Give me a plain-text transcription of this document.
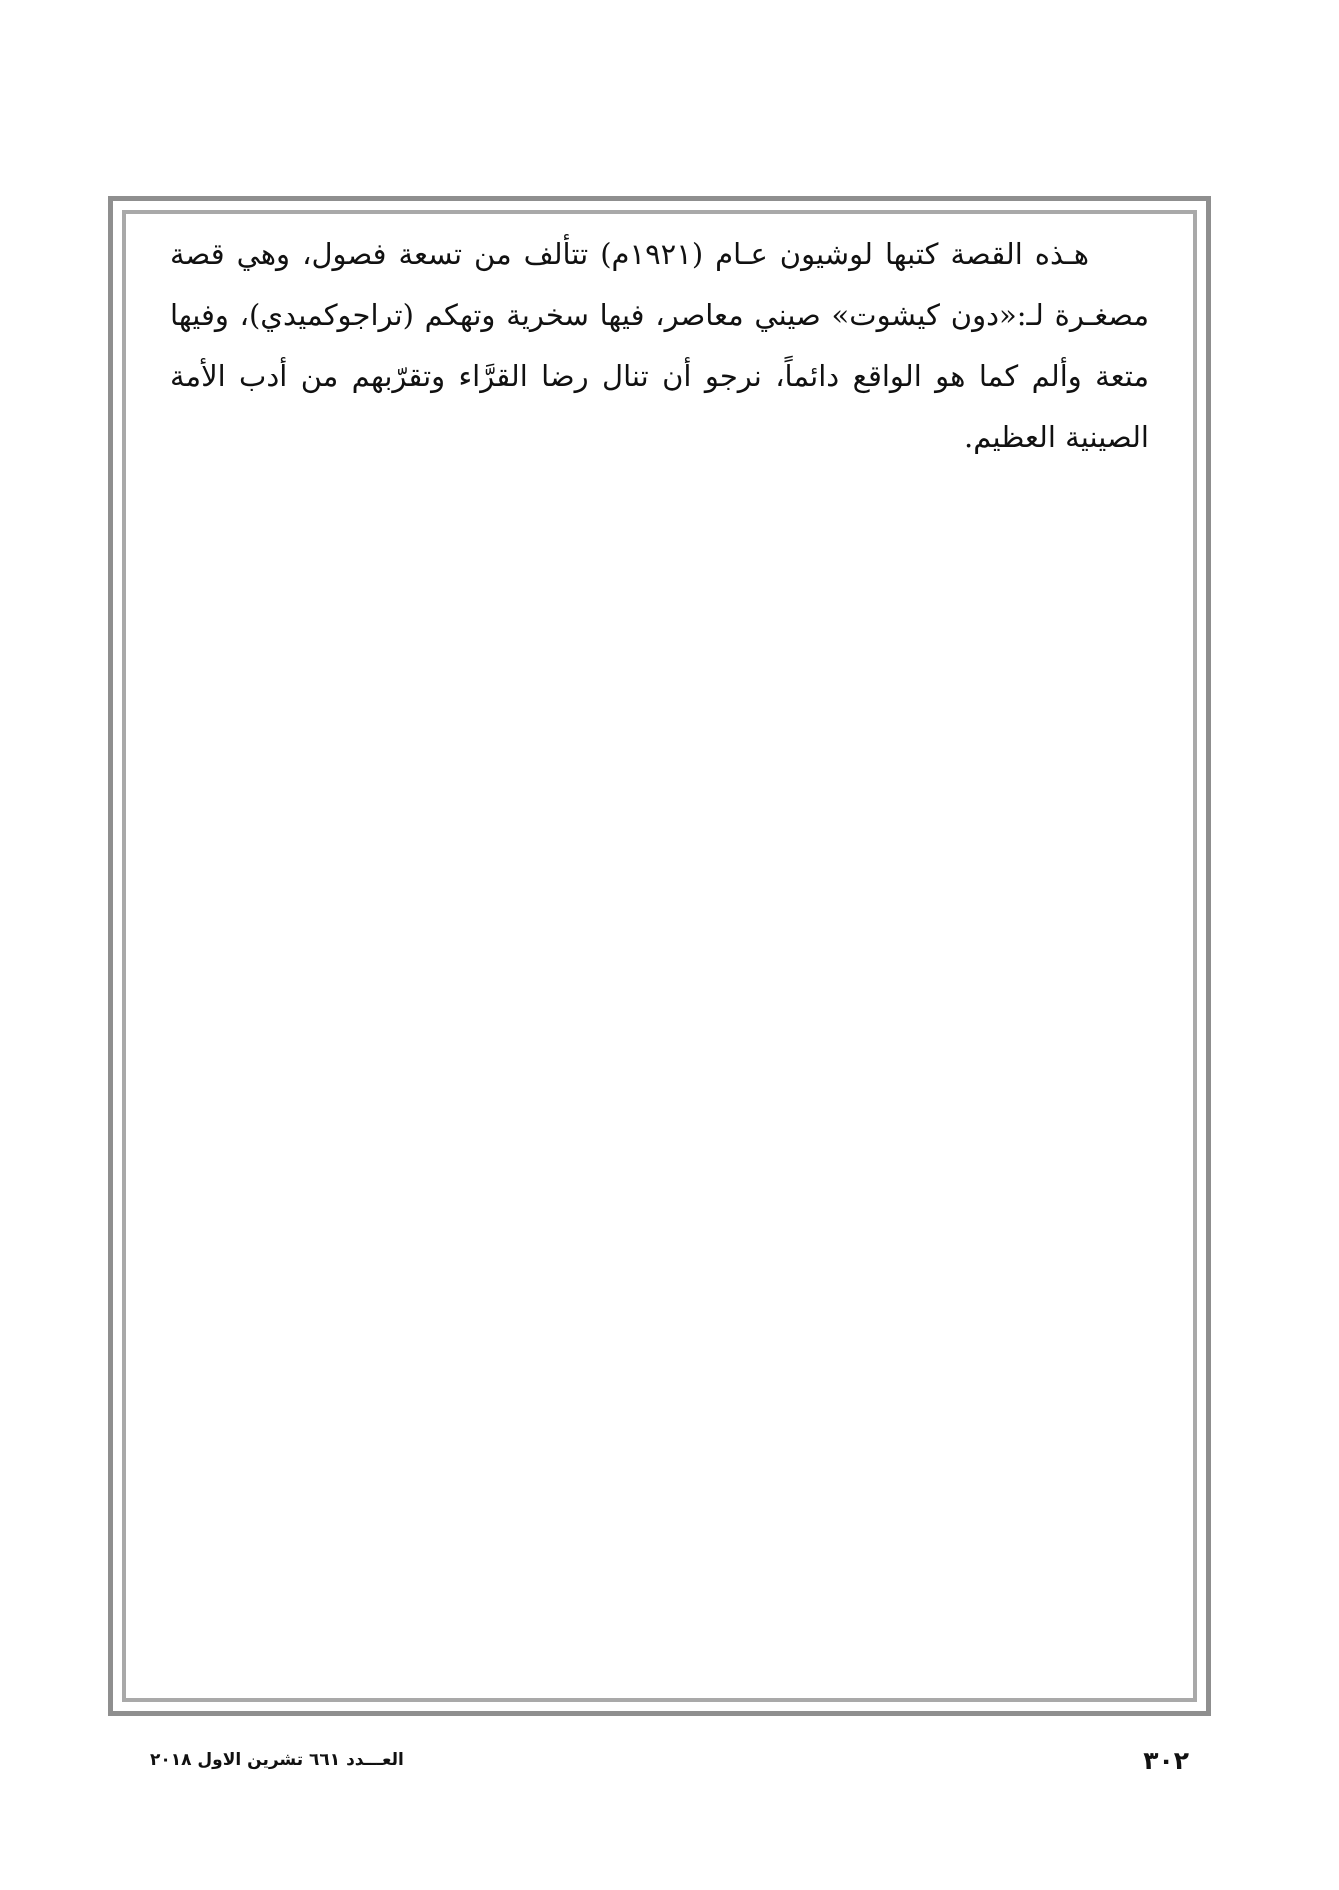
هـذه القصة كتبها لوشيون عـام (١٩٢١م) تتألف من تسعة فصول، وهي قصة مصغـرة لـ:«دون كيشوت» صيني معاصر، فيها سخرية وتهكم (تراجوكميدي)، وفيها متعة وألم كما هو الواقع دائماً، نرجو أن تنال رضا القرَّاء وتقرّبهم من أدب الأمة الصينية العظيم.

٣٠٢
العـــدد ٦٦١ تشرين الاول ٢٠١٨
